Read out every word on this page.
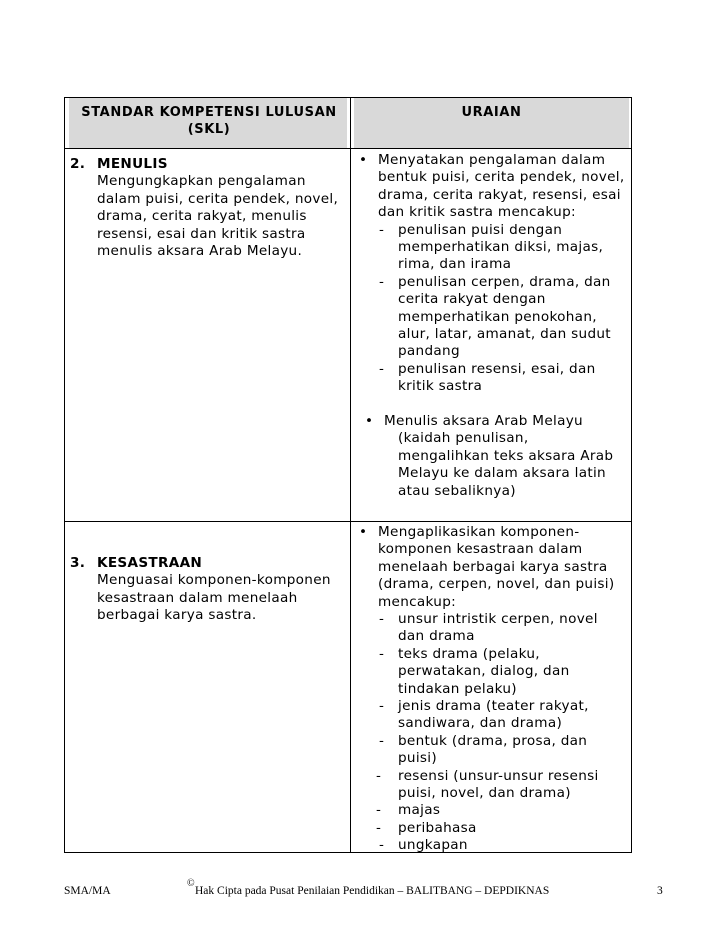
STANDAR KOMPETENSI LULUSAN (SKL)
URAIAN
2. MENULIS

Mengungkapkan pengalaman

dalam puisi, cerita pendek, novel,

drama, cerita rakyat, menulis

resensi, esai dan kritik sastra

menulis aksara Arab Melayu.

• Menyatakan pengalaman dalam
bentuk puisi, cerita pendek, novel,
drama, cerita rakyat, resensi, esai
dan kritik sastra mencakup:
- penulisan puisi dengan
memperhatikan diksi, majas,
rima, dan irama
- penulisan cerpen, drama, dan
cerita rakyat dengan
memperhatikan penokohan,
alur, latar, amanat, dan sudut
pandang
- penulisan resensi, esai, dan
kritik sastra
• Menulis aksara Arab Melayu
(kaidah penulisan,
mengalihkan teks aksara Arab
Melayu ke dalam aksara latin
atau sebaliknya)
3. KESASTRAAN

Menguasai komponen-komponen

kesastraan dalam menelaah

berbagai karya sastra.

• Mengaplikasikan komponen-
komponen kesastraan dalam
menelaah berbagai karya sastra
(drama, cerpen, novel, dan puisi)
mencakup:
- unsur intristik cerpen, novel
dan drama
- teks drama (pelaku,
perwatakan, dialog, dan
tindakan pelaku)
- jenis drama (teater rakyat,
sandiwara, dan drama)
- bentuk (drama, prosa, dan
puisi)
- resensi (unsur-unsur resensi
puisi, novel, dan drama)
- majas
- peribahasa
- ungkapan
SMA/MA
©
Hak Cipta pada Pusat Penilaian Pendidikan – BALITBANG – DEPDIKNAS	3
